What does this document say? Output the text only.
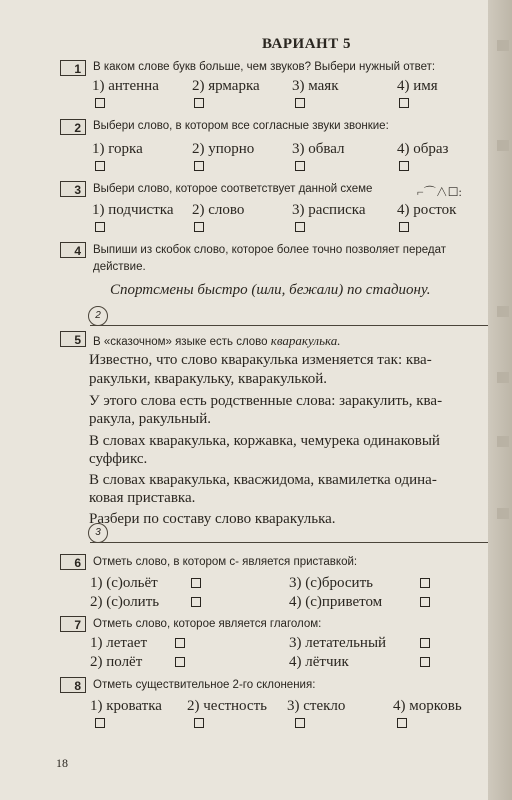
ВАРИАНТ 5
1	В каком слове букв больше, чем звуков? Выбери нужный ответ:
1) антенна 2) ярмарка 3) маяк	4) имя
2	Выбери слово, в котором все согласные звуки звонкие:
1) горка	2) упорно	3) обвал	4) образ
3	Выбери слово, которое соответствует данной схеме	⌐⌒∧☐:
1) подчистка 2) слово	3) расписка 4) росток
4	Выпиши из скобок слово, которое более точно позволяет передат
действие.
Спортсмены быстро (шли, бежали) по стадиону.
2
5	В «сказочном» языке есть слово кваракулька.
Известно, что слово кваракулька изменяется так: ква-
ракульки, кваракульку, кваракулькой.
У этого слова есть родственные слова: заракулить, ква-
ракула, ракульный.
В словах кваракулька, коржавка, чемурека одинаковый
суффикс.
В словах кваракулька, квасжидома, квамилетка одина-
ковая приставка.
Разбери по составу слово кваракулька.
3
6	Отметь слово, в котором с- является приставкой:
1) (с)ольёт	3) (с)бросить
2) (с)олить	4) (с)приветом
7	Отметь слово, которое является глаголом:
1) летает	3) летательный
2) полёт	4) лётчик
8	Отметь существительное 2-го склонения:
1) кроватка 2) честность 3) стекло	4) морковь
18
